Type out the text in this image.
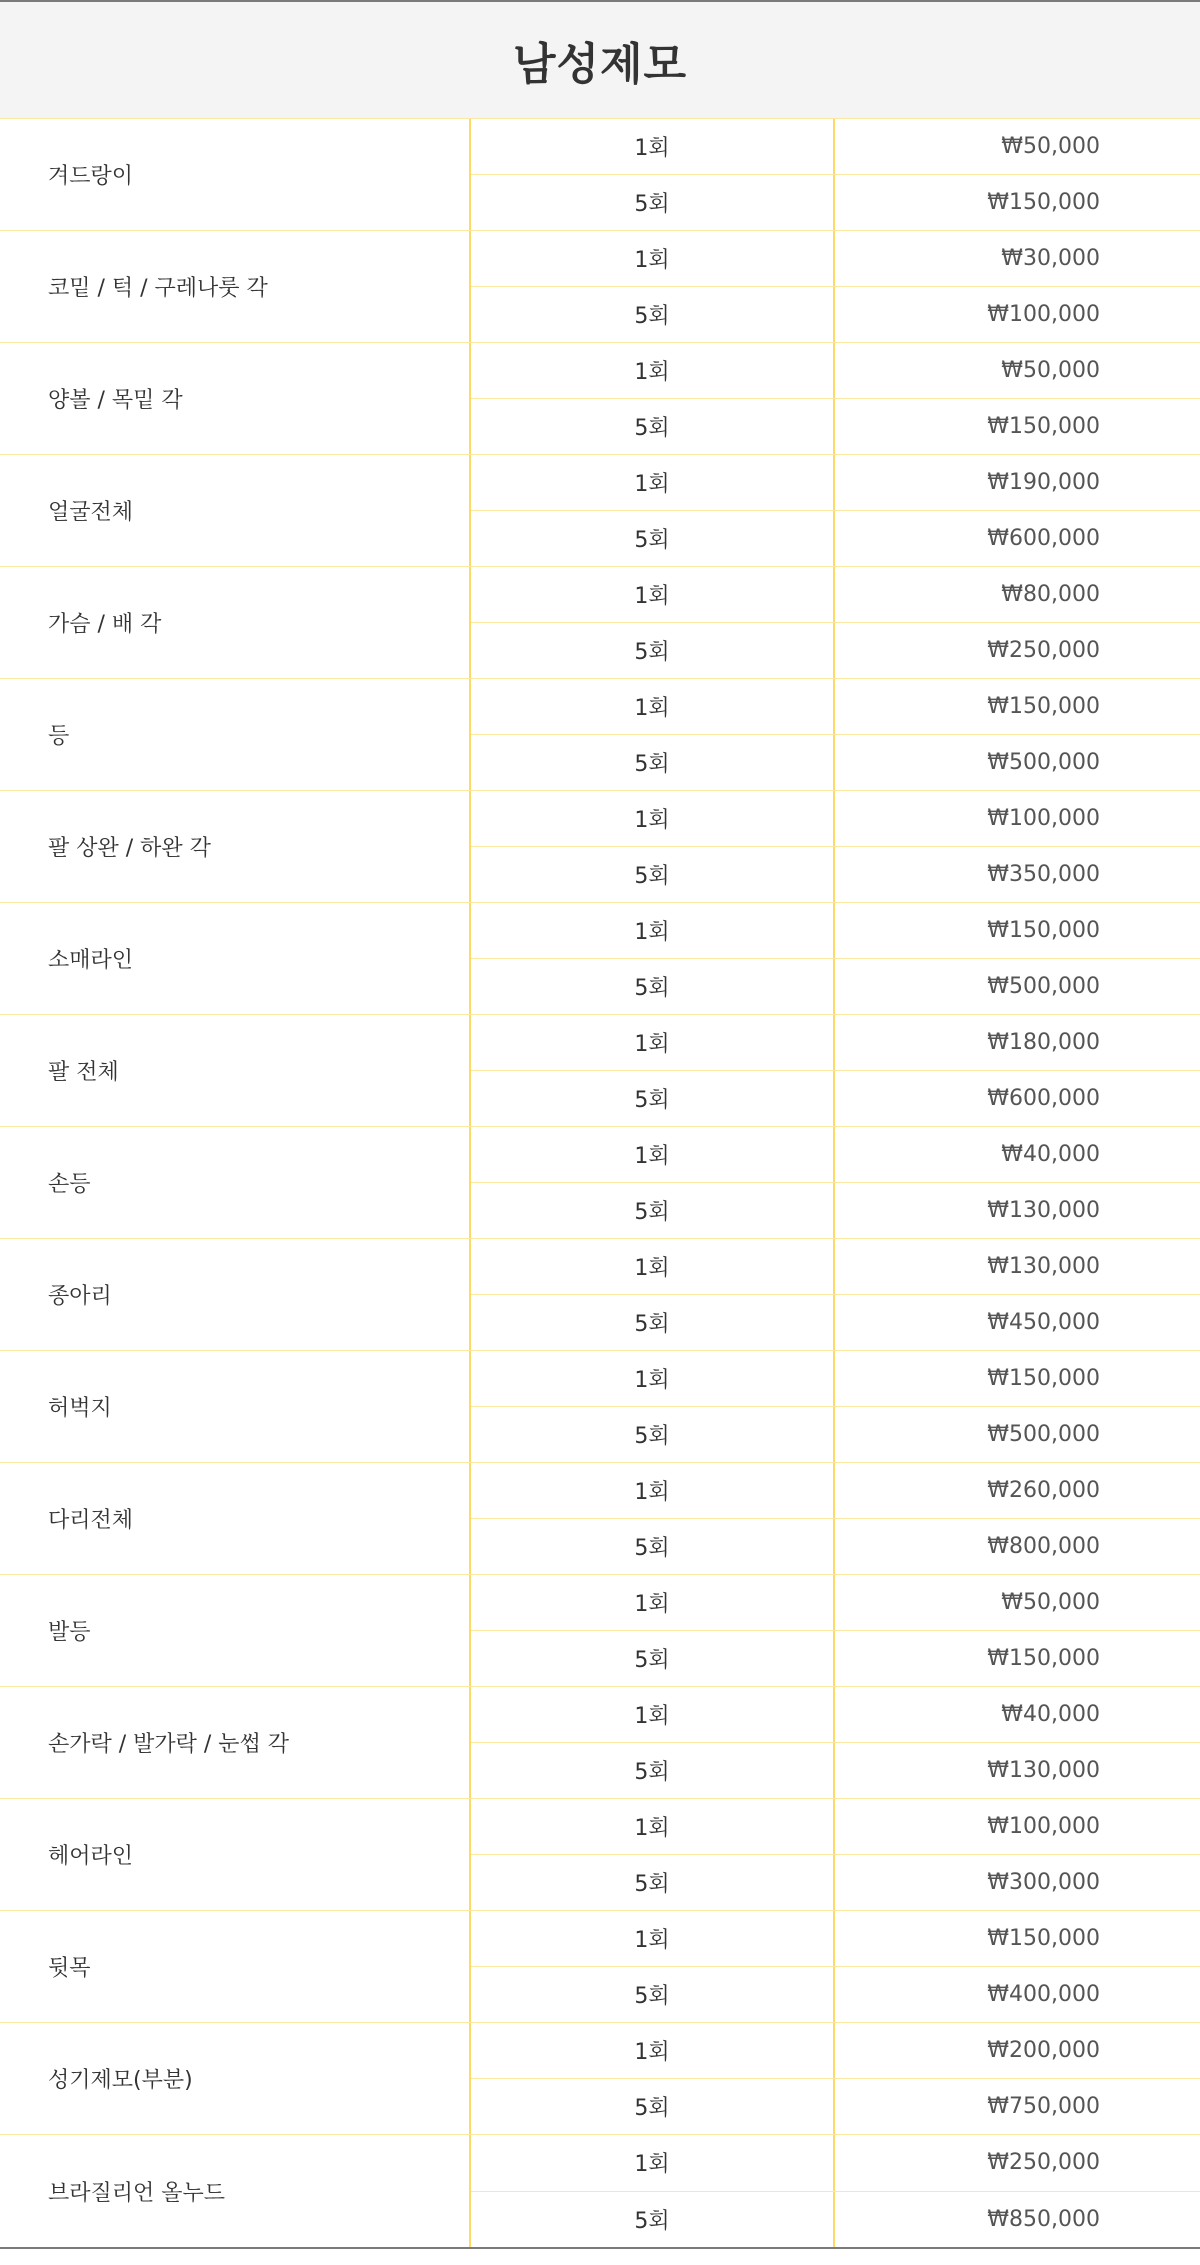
남성제모
겨드랑이
1회	₩50,000
5회	₩150,000
코밑 / 턱 / 구레나룻 각
1회	₩30,000
5회	₩100,000
양볼 / 목밑 각
1회	₩50,000
5회	₩150,000
얼굴전체
1회	₩190,000
5회	₩600,000
가슴 / 배 각
1회	₩80,000
5회	₩250,000
등
1회	₩150,000
5회	₩500,000
팔 상완 / 하완 각
1회	₩100,000
5회	₩350,000
소매라인
1회	₩150,000
5회	₩500,000
팔 전체
1회	₩180,000
5회	₩600,000
손등
1회	₩40,000
5회	₩130,000
종아리
1회	₩130,000
5회	₩450,000
허벅지
1회	₩150,000
5회	₩500,000
다리전체
1회	₩260,000
5회	₩800,000
발등
1회	₩50,000
5회	₩150,000
손가락 / 발가락 / 눈썹 각
1회	₩40,000
5회	₩130,000
헤어라인
1회	₩100,000
5회	₩300,000
뒷목
1회	₩150,000
5회	₩400,000
성기제모(부분)
1회	₩200,000
5회	₩750,000
브라질리언 올누드
1회	₩250,000
5회	₩850,000
